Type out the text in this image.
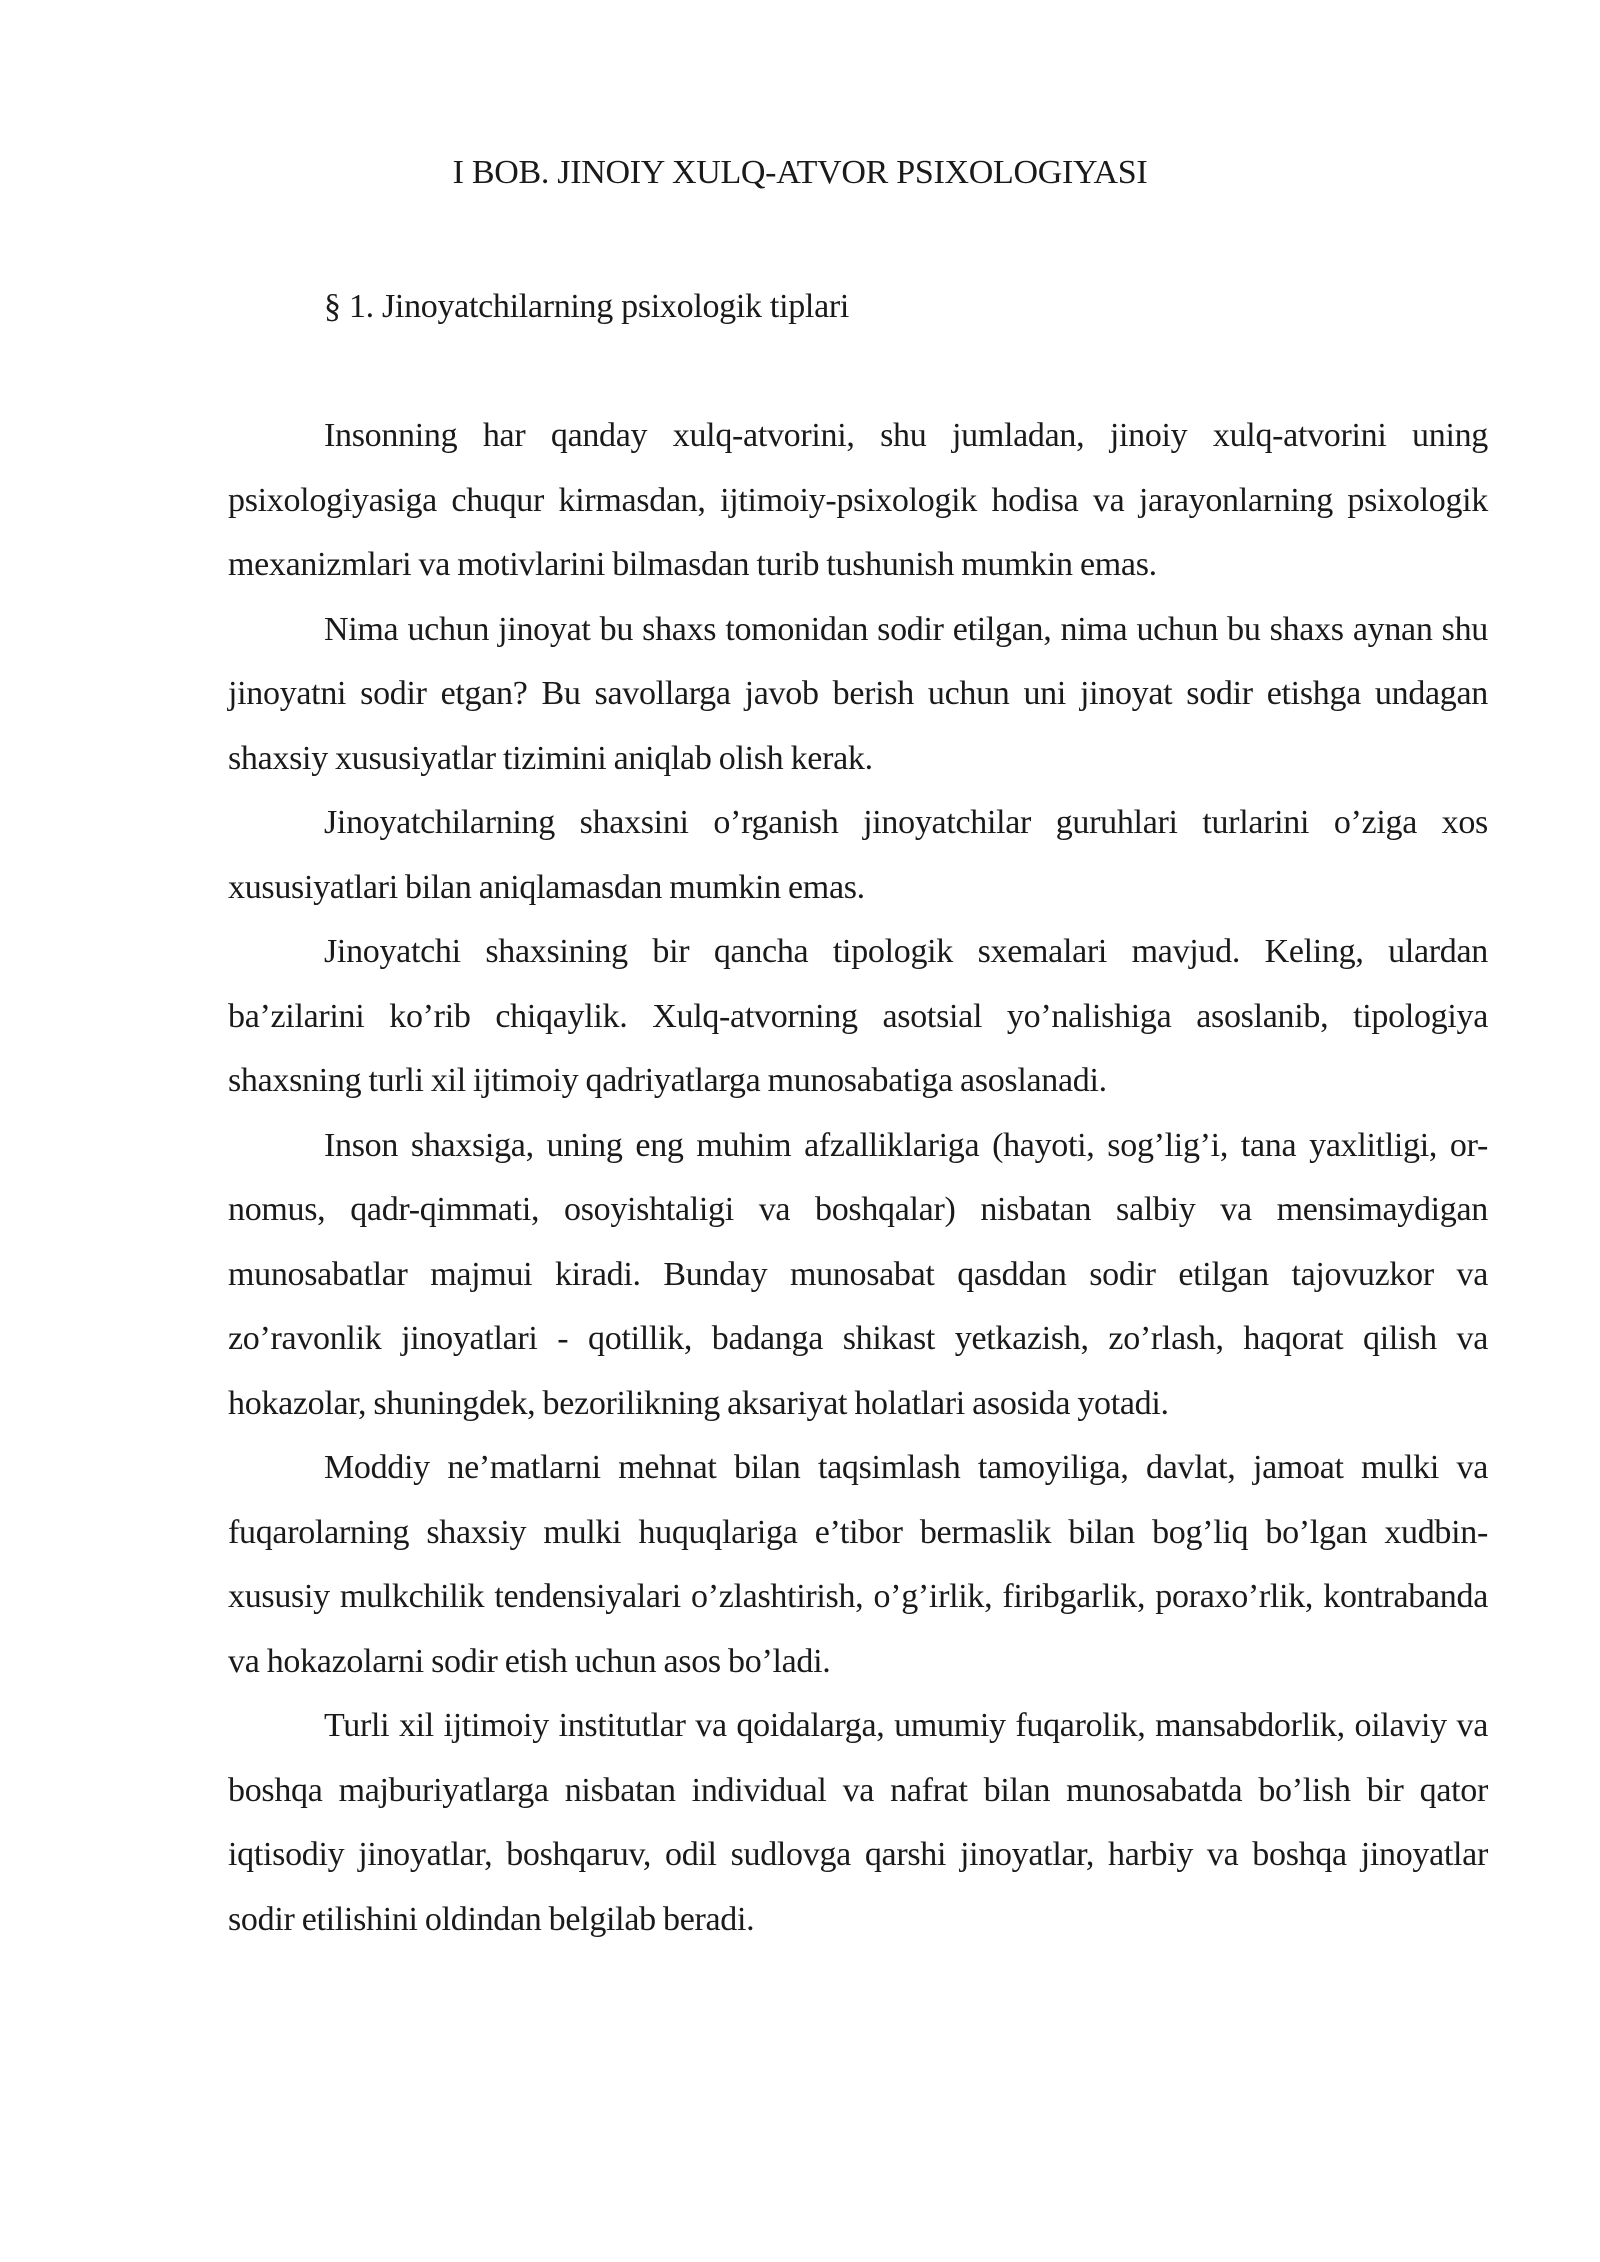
I BOB. JINOIY XULQ-ATVOR PSIXOLOGIYASI
§ 1. Jinoyatchilarning psixologik tiplari

Insonning har qanday xulq-atvorini, shu jumladan, jinoiy xulq-atvorini uning psixologiyasiga chuqur kirmasdan, ijtimoiy-psixologik hodisa va jarayonlarning psixologik mexanizmlari va motivlarini bilmasdan turib tushunish mumkin emas.

Nima uchun jinoyat bu shaxs tomonidan sodir etilgan, nima uchun bu shaxs aynan shu jinoyatni sodir etgan? Bu savollarga javob berish uchun uni jinoyat sodir etishga undagan shaxsiy xususiyatlar tizimini aniqlab olish kerak.

Jinoyatchilarning shaxsini o’rganish jinoyatchilar guruhlari turlarini o’ziga xos xususiyatlari bilan aniqlamasdan mumkin emas.

Jinoyatchi shaxsining bir qancha tipologik sxemalari mavjud. Keling, ulardan ba’zilarini ko’rib chiqaylik. Xulq-atvorning asotsial yo’nalishiga asoslanib, tipologiya shaxsning turli xil ijtimoiy qadriyatlarga munosabatiga asoslanadi.

Inson shaxsiga, uning eng muhim afzalliklariga (hayoti, sog’lig’i, tana yaxlitligi, or-nomus, qadr-qimmati, osoyishtaligi va boshqalar) nisbatan salbiy va mensimaydigan munosabatlar majmui kiradi. Bunday munosabat qasddan sodir etilgan tajovuzkor va zo’ravonlik jinoyatlari - qotillik, badanga shikast yetkazish, zo’rlash, haqorat qilish va hokazolar, shuningdek, bezorilikning aksariyat holatlari asosida yotadi.

Moddiy ne’matlarni mehnat bilan taqsimlash tamoyiliga, davlat, jamoat mulki va fuqarolarning shaxsiy mulki huquqlariga e’tibor bermaslik bilan bog’liq bo’lgan xudbin-xususiy mulkchilik tendensiyalari o’zlashtirish, o’g’irlik, firibgarlik, poraxo’rlik, kontrabanda va hokazolarni sodir etish uchun asos bo’ladi.

Turli xil ijtimoiy institutlar va qoidalarga, umumiy fuqarolik, mansabdorlik, oilaviy va boshqa majburiyatlarga nisbatan individual va nafrat bilan munosabatda bo’lish bir qator iqtisodiy jinoyatlar, boshqaruv, odil sudlovga qarshi jinoyatlar, harbiy va boshqa jinoyatlar sodir etilishini oldindan belgilab beradi.
